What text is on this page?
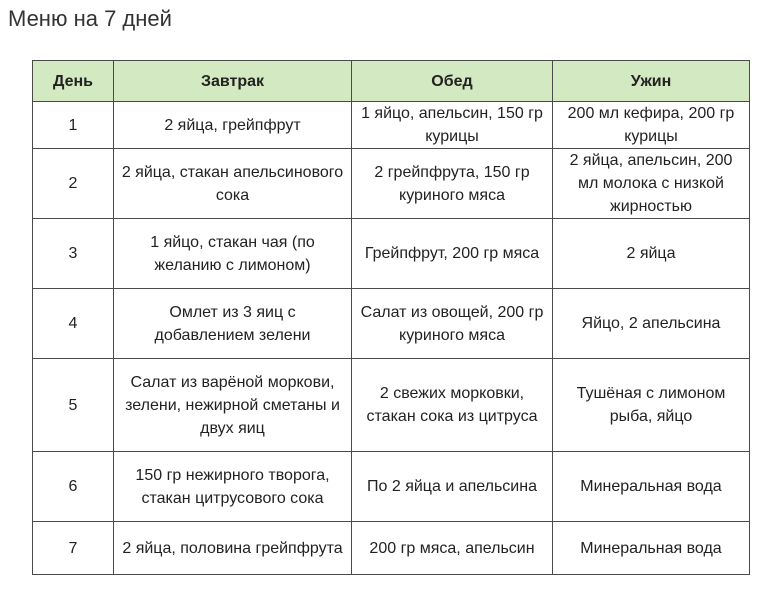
Меню на 7 дней
День	Завтрак	Обед	Ужин
1	2 яйца, грейпфрут	1 яйцо, апельсин, 150 гр курицы	200 мл кефира, 200 гр курицы
2	2 яйца, стакан апельсинового сока	2 грейпфрута, 150 гр куриного мяса	2 яйца, апельсин, 200 мл молока с низкой жирностью
3	1 яйцо, стакан чая (по желанию с лимоном)	Грейпфрут, 200 гр мяса	2 яйца
4	Омлет из 3 яиц с добавлением зелени	Салат из овощей, 200 гр куриного мяса	Яйцо, 2 апельсина
5	Салат из варёной моркови, зелени, нежирной сметаны и двух яиц	2 свежих морковки, стакан сока из цитруса	Тушёная с лимоном рыба, яйцо
6	150 гр нежирного творога, стакан цитрусового сока	По 2 яйца и апельсина	Минеральная вода
7	2 яйца, половина грейпфрута	200 гр мяса, апельсин	Минеральная вода
